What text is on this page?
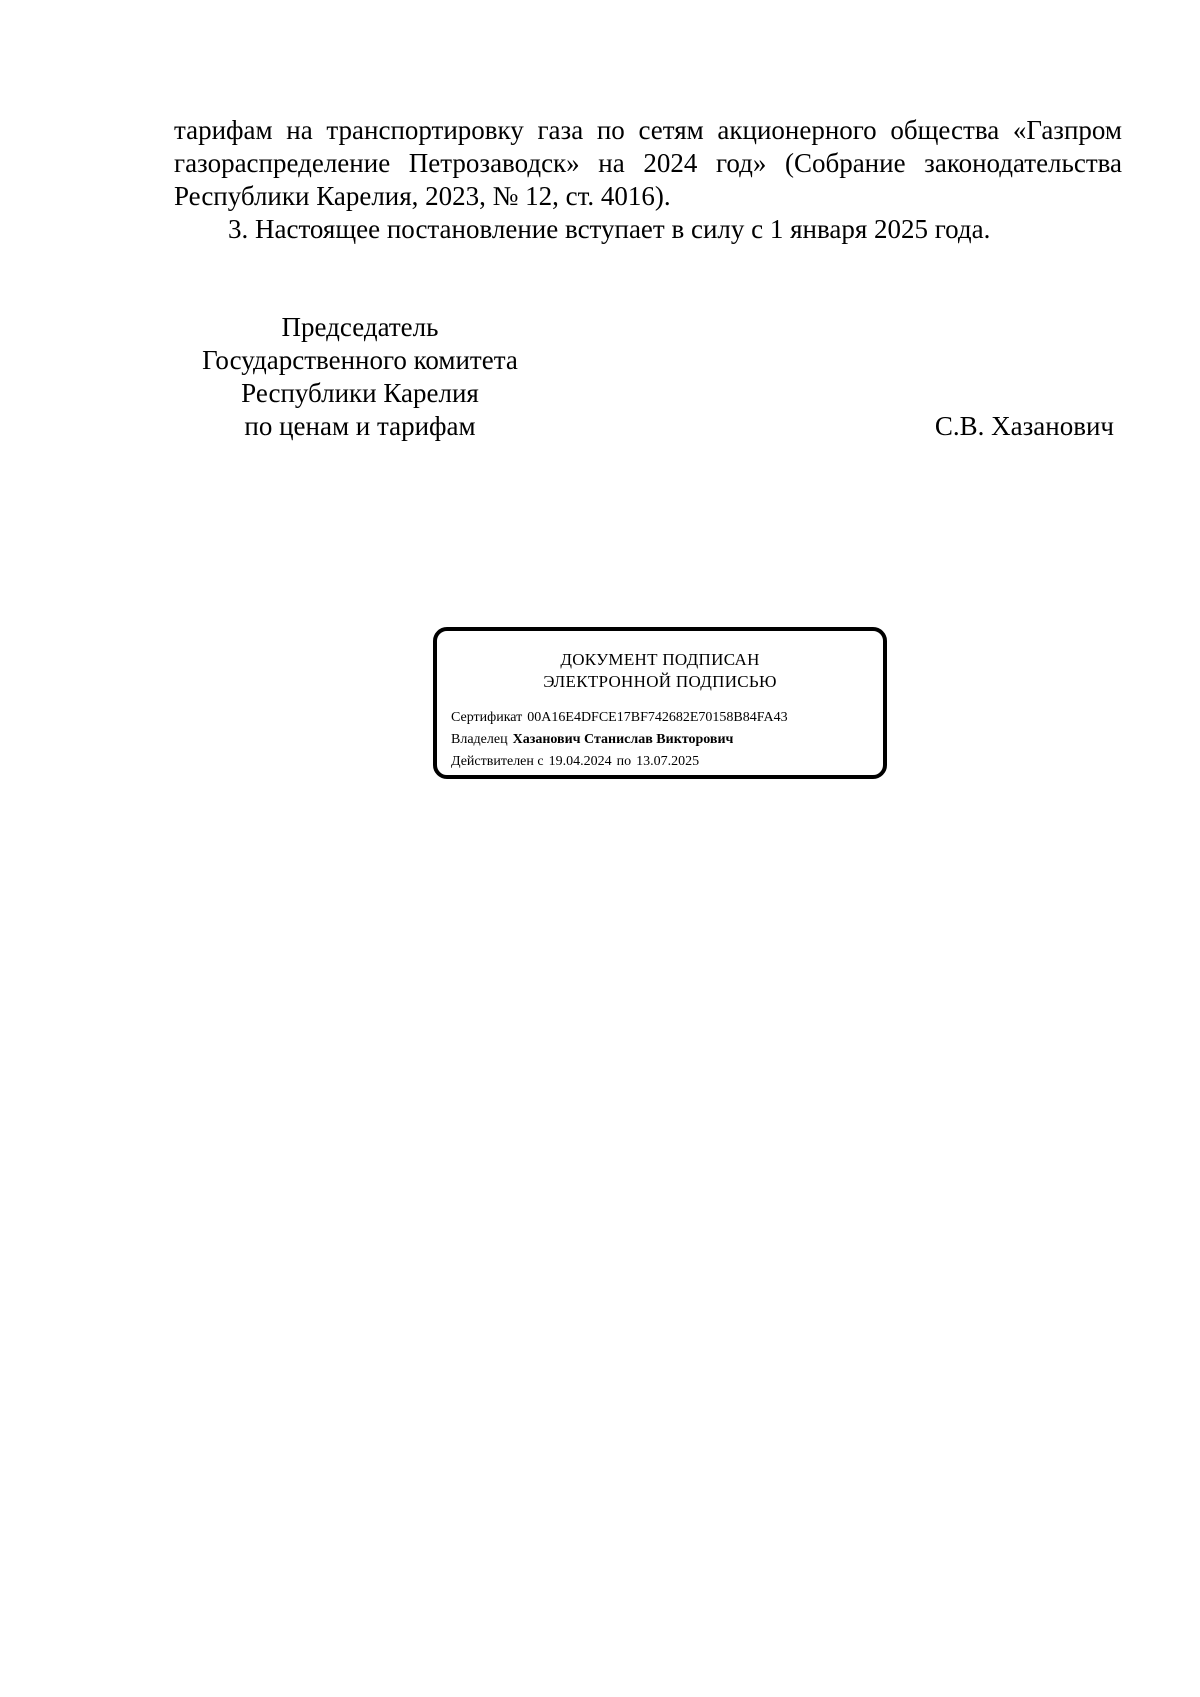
тарифам на транспортировку газа по сетям акционерного общества «Газпром газораспределение Петрозаводск» на 2024 год» (Собрание законодательства Республики Карелия, 2023, № 12, ст. 4016).

3. Настоящее постановление вступает в силу с 1 января 2025 года.

Председатель
Государственного комитета
Республики Карелия
по ценам и тарифам	С.В. Хазанович
ДОКУМЕНТ ПОДПИСАН
ЭЛЕКТРОННОЙ ПОДПИСЬЮ
Сертификат 00A16E4DFCE17BF742682E70158B84FA43
Владелец Хазанович Станислав Викторович
Действителен с 19.04.2024 по 13.07.2025
